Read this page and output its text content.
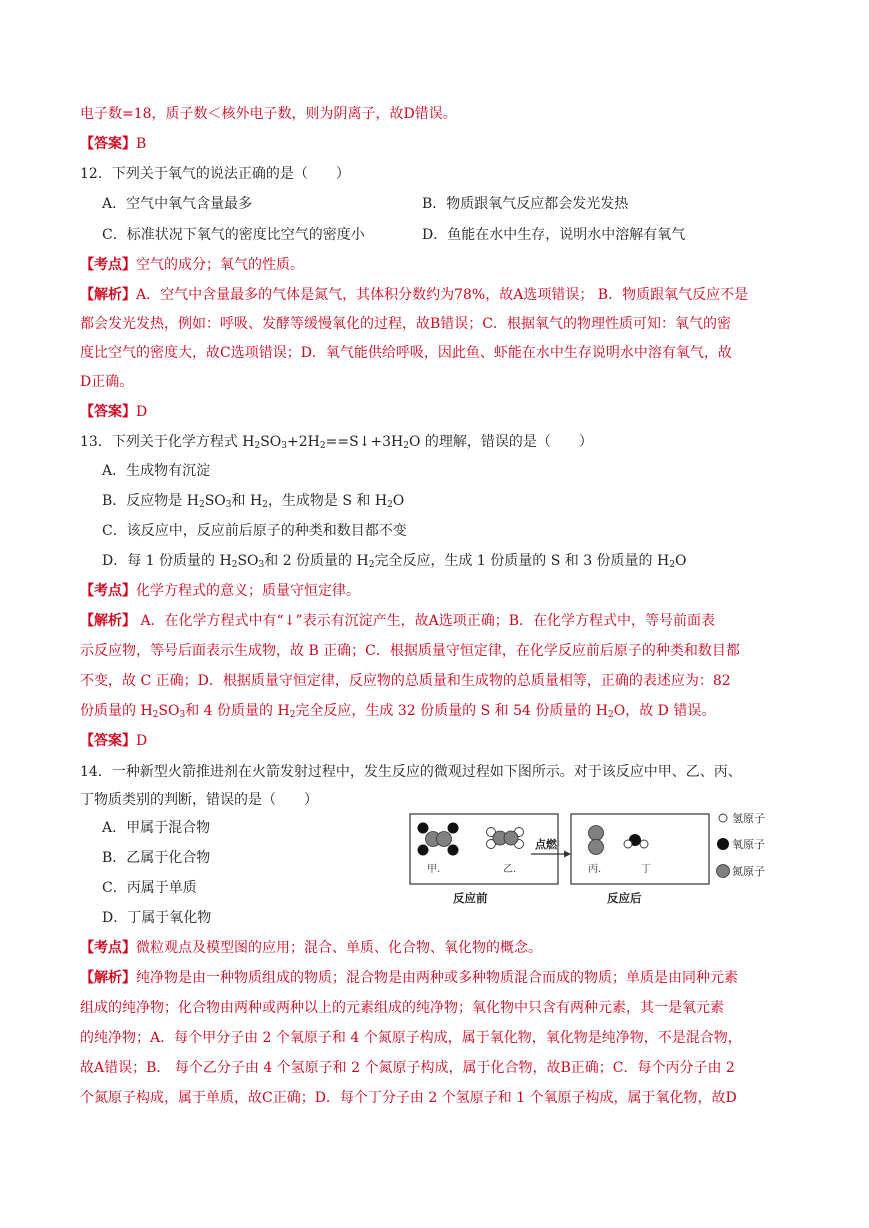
电子数=18，质子数＜核外电子数，则为阴离子，故D错误。
【答案】B
12．下列关于氧气的说法正确的是（　　）
A．空气中氧气含量最多	B．物质跟氧气反应都会发光发热
C．标准状况下氧气的密度比空气的密度小	D．鱼能在水中生存，说明水中溶解有氧气
【考点】空气的成分；氧气的性质。
【解析】A．空气中含量最多的气体是氮气，其体积分数约为78%，故A选项错误； B．物质跟氧气反应不是
都会发光发热，例如：呼吸、发酵等缓慢氧化的过程，故B错误；C．根据氧气的物理性质可知：氧气的密
度比空气的密度大，故C选项错误；D．氧气能供给呼吸，因此鱼、虾能在水中生存说明水中溶有氧气，故
D正确。
【答案】D
13．下列关于化学方程式 $H_2SO_3+2H_2==S↓+3H_2O$ 的理解，错误的是（　　）
A．生成物有沉淀
B．反应物是 $H_2SO_3$和 $H_2$，生成物是 S 和 $H_2O$
C．该反应中，反应前后原子的种类和数目都不变
D．每 1 份质量的 $H_2SO_3$和 2 份质量的 $H_2$完全反应，生成 1 份质量的 S 和 3 份质量的 $H_2O$
【考点】化学方程式的意义；质量守恒定律。
【解析】 A．在化学方程式中有“↓”表示有沉淀产生，故A选项正确；B．在化学方程式中，等号前面表
示反应物，等号后面表示生成物，故 B 正确；C．根据质量守恒定律，在化学反应前后原子的种类和数目都
不变，故 C 正确；D．根据质量守恒定律，反应物的总质量和生成物的总质量相等，正确的表述应为：82
份质量的 $H_2SO_3$和 4 份质量的 $H_2$完全反应，生成 32 份质量的 S 和 54 份质量的 $H_2O$，故 D 错误。
【答案】D
14．一种新型火箭推进剂在火箭发射过程中，发生反应的微观过程如下图所示。对于该反应中甲、乙、丙、
丁物质类别的判断，错误的是（　　）
A．甲属于混合物
B．乙属于化合物
C．丙属于单质
D．丁属于氧化物
甲.	乙.
点燃
丙.	丁
反应前	反应后
氢原子
氧原子
氮原子
【考点】微粒观点及模型图的应用；混合、单质、化合物、氧化物的概念。
【解析】纯净物是由一种物质组成的物质；混合物是由两种或多种物质混合而成的物质；单质是由同种元素
组成的纯净物；化合物由两种或两种以上的元素组成的纯净物；氧化物中只含有两种元素，其一是氧元素
的纯净物；A．每个甲分子由 2 个氧原子和 4 个氮原子构成，属于氧化物，氧化物是纯净物，不是混合物，
故A错误；B． 每个乙分子由 4 个氢原子和 2 个氮原子构成，属于化合物，故B正确；C．每个丙分子由 2
个氮原子构成，属于单质，故C正确；D．每个丁分子由 2 个氢原子和 1 个氧原子构成，属于氧化物，故D
